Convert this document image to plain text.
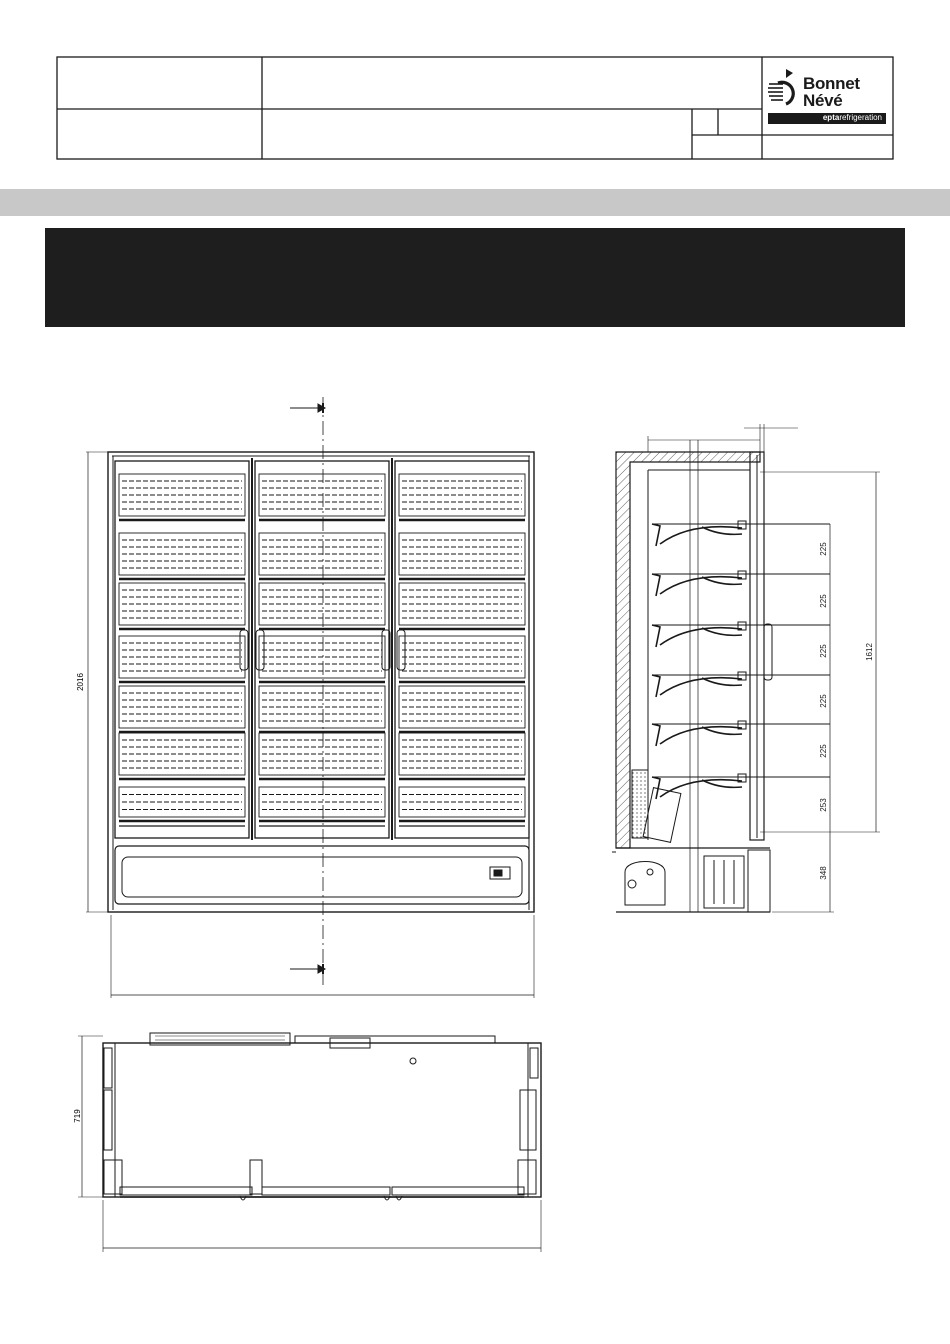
Bonnet
Névé
eptarefrigeration
2016
225
225
225
225
225
253
348
1612
719
